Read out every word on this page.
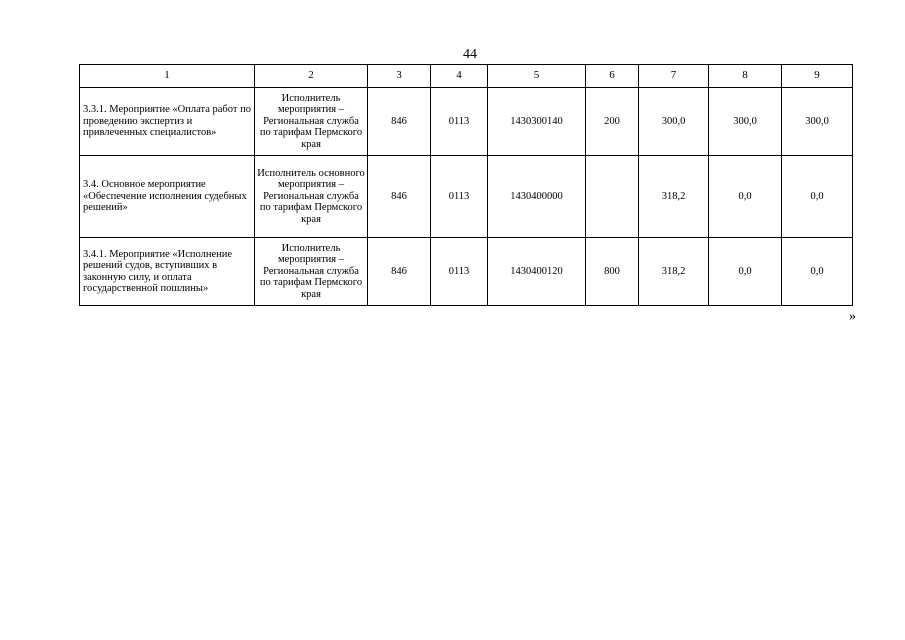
44
1	2	3	4	5	6	7	8	9
3.3.1. Мероприятие «Оплата работ по проведению экспертиз и привлеченных специалистов»	Исполнитель мероприятия – Региональная служба по тарифам Пермского края	846	0113	1430300140	200	300,0	300,0	300,0
3.4. Основное мероприятие «Обеспечение исполнения судебных решений»	Исполнитель основного мероприятия – Региональная служба по тарифам Пермского края	846	0113	1430400000		318,2	0,0	0,0
3.4.1. Мероприятие «Исполнение решений судов, вступивших в законную силу, и оплата государственной пошлины»	Исполнитель мероприятия – Региональная служба по тарифам Пермского края	846	0113	1430400120	800	318,2	0,0	0,0
»
